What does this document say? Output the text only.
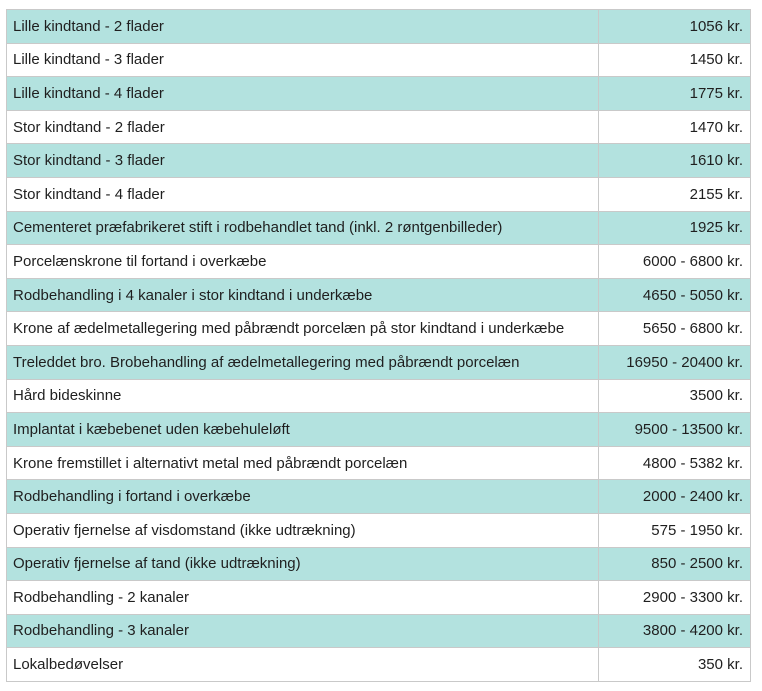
Lille kindtand - 2 flader	1056 kr.
Lille kindtand - 3 flader	1450 kr.
Lille kindtand - 4 flader	1775 kr.
Stor kindtand - 2 flader	1470 kr.
Stor kindtand - 3 flader	1610 kr.
Stor kindtand - 4 flader	2155 kr.
Cementeret præfabrikeret stift i rodbehandlet tand (inkl. 2 røntgenbilleder)	1925 kr.
Porcelænskrone til fortand i overkæbe	6000 - 6800 kr.
Rodbehandling i 4 kanaler i stor kindtand i underkæbe	4650 - 5050 kr.
Krone af ædelmetallegering med påbrændt porcelæn på stor kindtand i underkæbe	5650 - 6800 kr.
Treleddet bro. Brobehandling af ædelmetallegering med påbrændt porcelæn	16950 - 20400 kr.
Hård bideskinne	3500 kr.
Implantat i kæbebenet uden kæbehuleløft	9500 - 13500 kr.
Krone fremstillet i alternativt metal med påbrændt porcelæn	4800 - 5382 kr.
Rodbehandling i fortand i overkæbe	2000 - 2400 kr.
Operativ fjernelse af visdomstand (ikke udtrækning)	575 - 1950 kr.
Operativ fjernelse af tand (ikke udtrækning)	850 - 2500 kr.
Rodbehandling - 2 kanaler	2900 - 3300 kr.
Rodbehandling - 3 kanaler	3800 - 4200 kr.
Lokalbedøvelser	350 kr.
